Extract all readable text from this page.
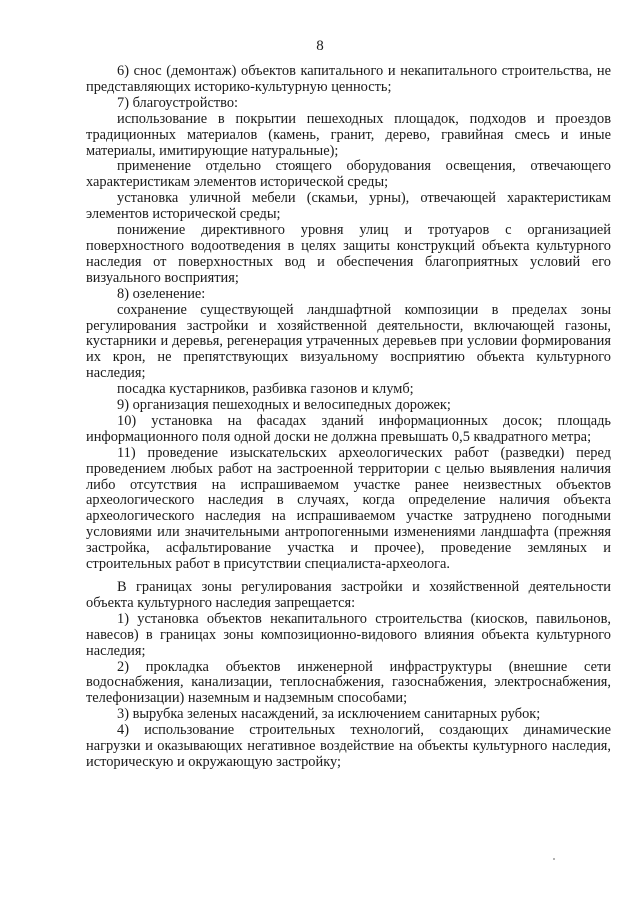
8

6) снос (демонтаж) объектов капитального и некапитального строительства, не представляющих историко-культурную ценность;

7) благоустройство:

использование в покрытии пешеходных площадок, подходов и проездов традиционных материалов (камень, гранит, дерево, гравийная смесь и иные материалы, имитирующие натуральные);

применение отдельно стоящего оборудования освещения, отвечающего характеристикам элементов исторической среды;

установка уличной мебели (скамьи, урны), отвечающей характеристикам элементов исторической среды;

понижение директивного уровня улиц и тротуаров с организацией поверхностного водоотведения в целях защиты конструкций объекта культурного наследия от поверхностных вод и обеспечения благоприятных условий его визуального восприятия;

8) озеленение:

сохранение существующей ландшафтной композиции в пределах зоны регулирования застройки и хозяйственной деятельности, включающей газоны, кустарники и деревья, регенерация утраченных деревьев при условии формирования их крон, не препятствующих визуальному восприятию объекта культурного наследия;

посадка кустарников, разбивка газонов и клумб;

9) организация пешеходных и велосипедных дорожек;

10) установка на фасадах зданий информационных досок; площадь информационного поля одной доски не должна превышать 0,5 квадратного метра;

11) проведение изыскательских археологических работ (разведки) перед проведением любых работ на застроенной территории с целью выявления наличия либо отсутствия на испрашиваемом участке ранее неизвестных объектов археологического наследия в случаях, когда определение наличия объекта археологического наследия на испрашиваемом участке затруднено погодными условиями или значительными антропогенными изменениями ландшафта (прежняя застройка, асфальтирование участка и прочее), проведение земляных и строительных работ в присутствии специалиста-археолога.

В границах зоны регулирования застройки и хозяйственной деятельности объекта культурного наследия запрещается:

1) установка объектов некапитального строительства (киосков, павильонов, навесов) в границах зоны композиционно-видового влияния объекта культурного наследия;

2) прокладка объектов инженерной инфраструктуры (внешние сети водоснабжения, канализации, теплоснабжения, газоснабжения, электроснабжения, телефонизации) наземным и надземным способами;

3) вырубка зеленых насаждений, за исключением санитарных рубок;

4) использование строительных технологий, создающих динамические нагрузки и оказывающих негативное воздействие на объекты культурного наследия, историческую и окружающую застройку;
